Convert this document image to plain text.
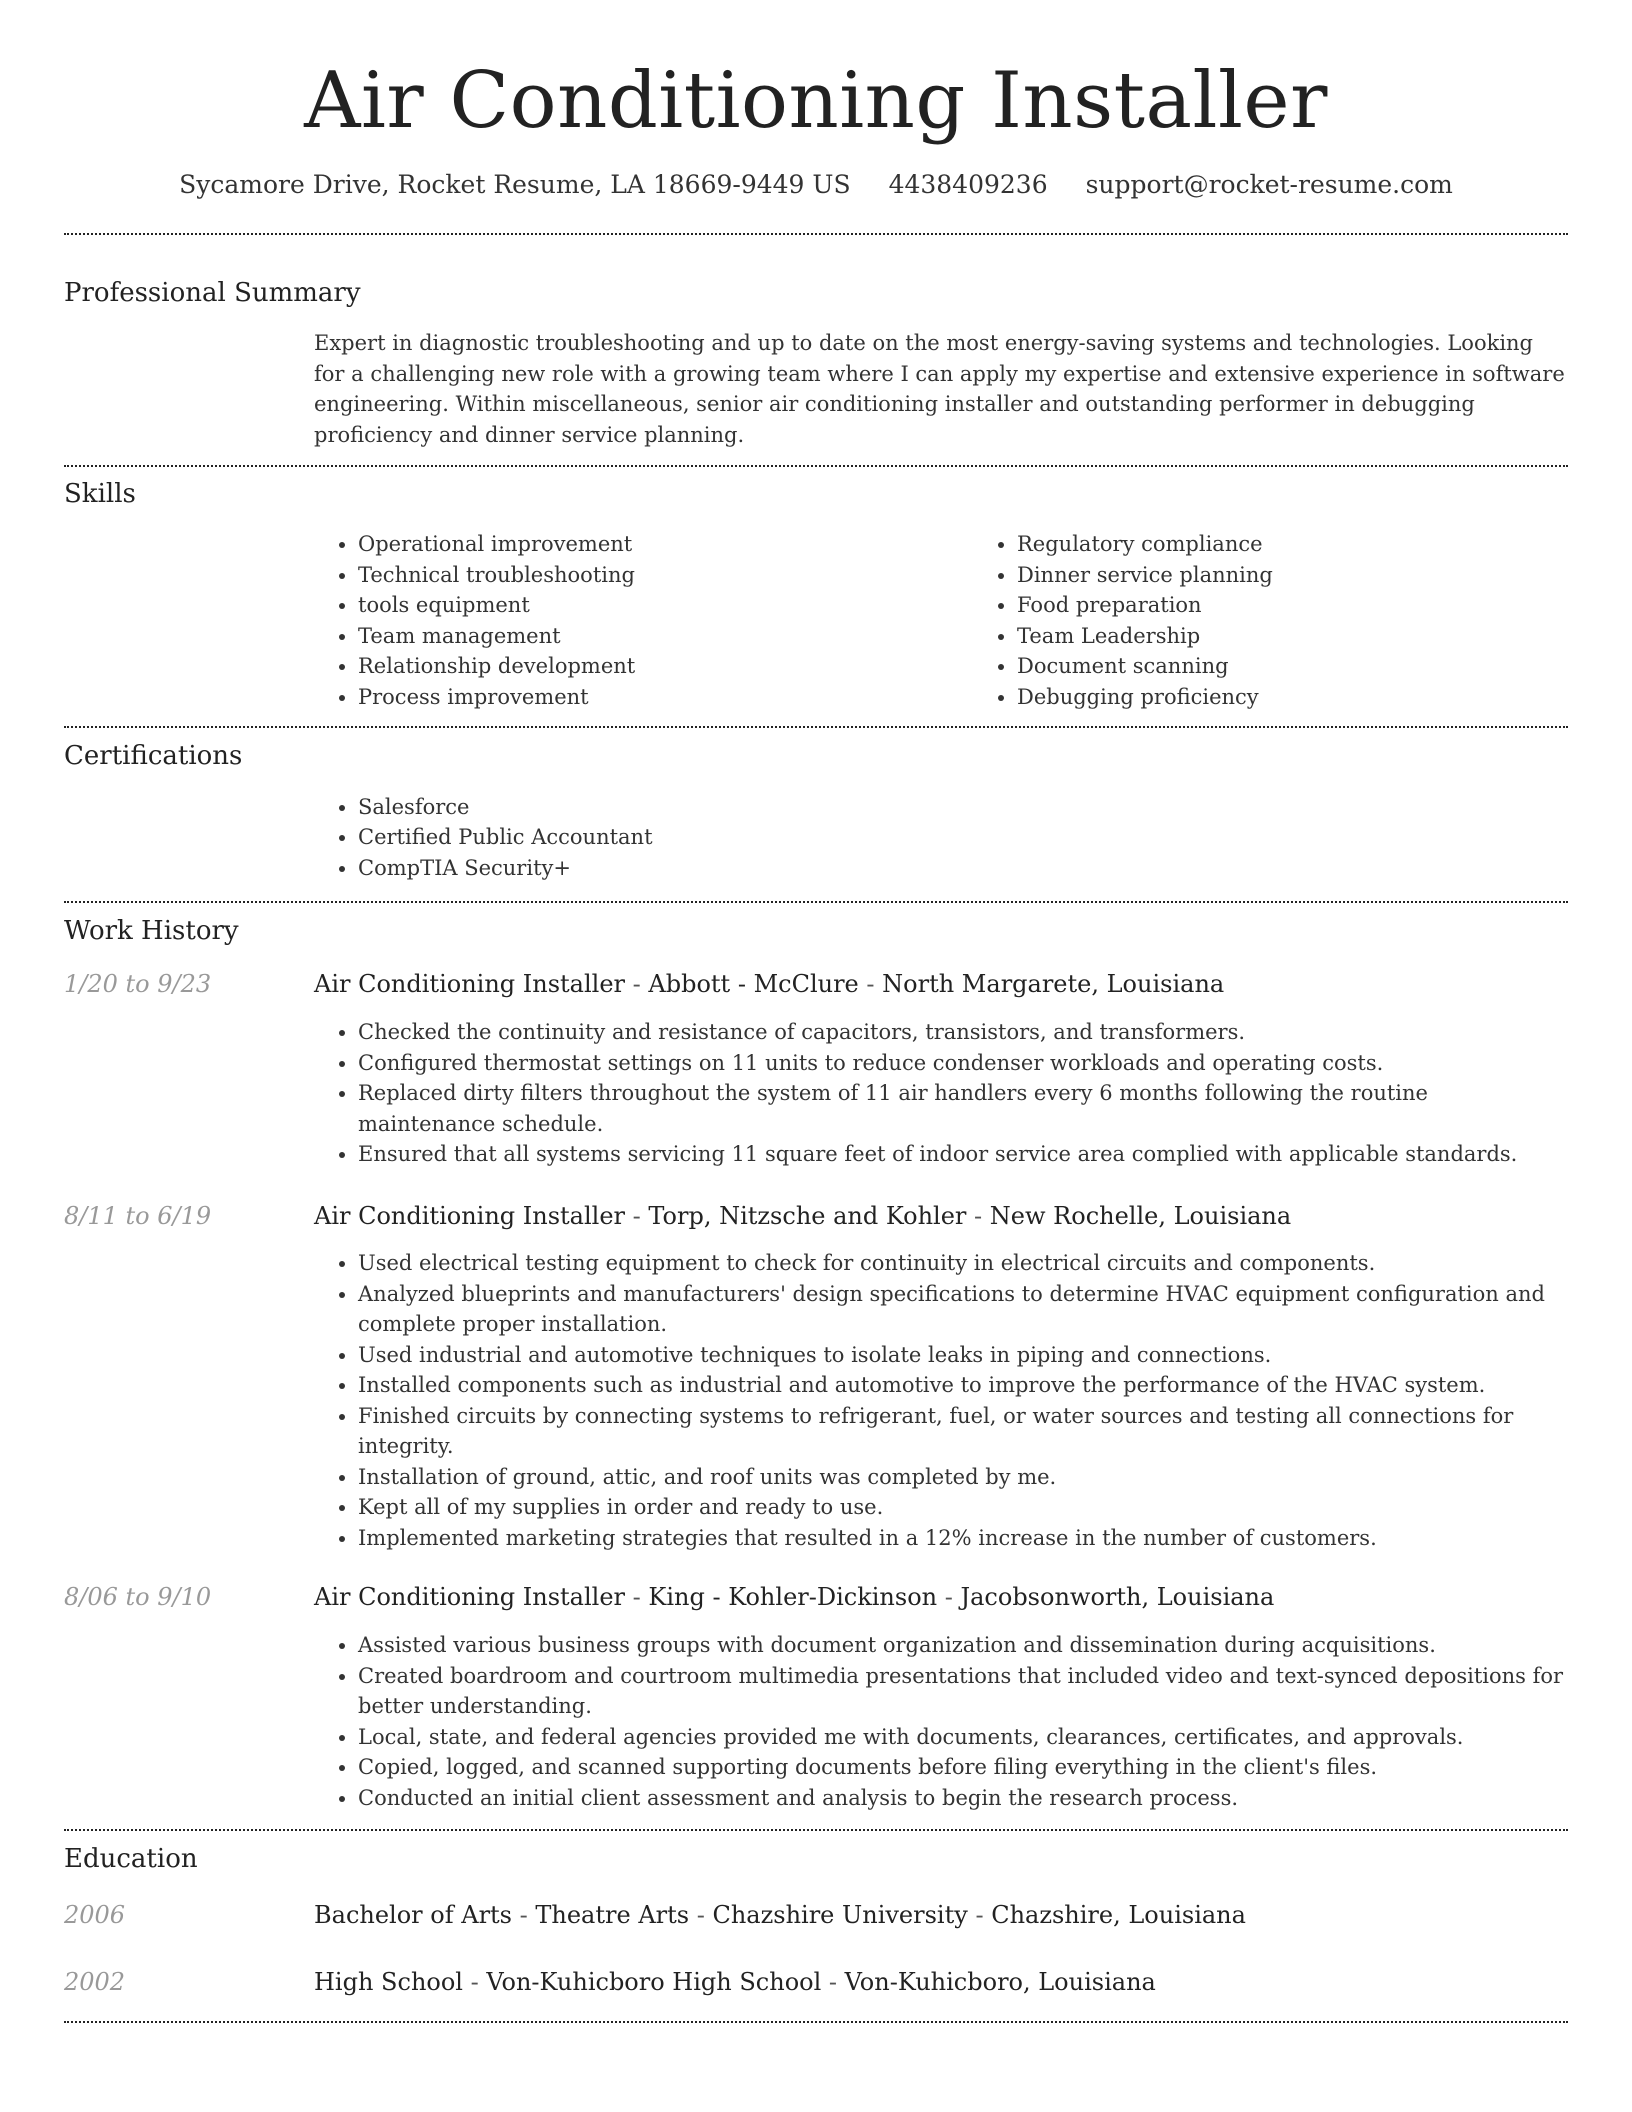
Air Conditioning Installer
Sycamore Drive, Rocket Resume, LA 18669-9449 US 4438409236 support@rocket-resume.com
Professional Summary

Expert in diagnostic troubleshooting and up to date on the most energy-saving systems and technologies. Looking for a challenging new role with a growing team where I can apply my expertise and extensive experience in software engineering. Within miscellaneous, senior air conditioning installer and outstanding performer in debugging proficiency and dinner service planning.

Skills
• Operational improvement
• Technical troubleshooting
• tools equipment
• Team management
• Relationship development
• Process improvement
• Regulatory compliance
• Dinner service planning
• Food preparation
• Team Leadership
• Document scanning
• Debugging proficiency
Certifications
• Salesforce
• Certified Public Accountant
• CompTIA Security+
Work History
1/20 to 9/23	Air Conditioning Installer - Abbott - McClure - North Margarete, Louisiana
• Checked the continuity and resistance of capacitors, transistors, and transformers.
• Configured thermostat settings on 11 units to reduce condenser workloads and operating costs.
• Replaced dirty filters throughout the system of 11 air handlers every 6 months following the routine maintenance schedule.
• Ensured that all systems servicing 11 square feet of indoor service area complied with applicable standards.
8/11 to 6/19	Air Conditioning Installer - Torp, Nitzsche and Kohler - New Rochelle, Louisiana
• Used electrical testing equipment to check for continuity in electrical circuits and components.
• Analyzed blueprints and manufacturers' design specifications to determine HVAC equipment configuration and complete proper installation.
• Used industrial and automotive techniques to isolate leaks in piping and connections.
• Installed components such as industrial and automotive to improve the performance of the HVAC system.
• Finished circuits by connecting systems to refrigerant, fuel, or water sources and testing all connections for integrity.
• Installation of ground, attic, and roof units was completed by me.
• Kept all of my supplies in order and ready to use.
• Implemented marketing strategies that resulted in a 12% increase in the number of customers.
8/06 to 9/10	Air Conditioning Installer - King - Kohler-Dickinson - Jacobsonworth, Louisiana
• Assisted various business groups with document organization and dissemination during acquisitions.
• Created boardroom and courtroom multimedia presentations that included video and text-synced depositions for better understanding.
• Local, state, and federal agencies provided me with documents, clearances, certificates, and approvals.
• Copied, logged, and scanned supporting documents before filing everything in the client's files.
• Conducted an initial client assessment and analysis to begin the research process.
Education
2006	Bachelor of Arts - Theatre Arts - Chazshire University - Chazshire, Louisiana
2002	High School - Von-Kuhicboro High School - Von-Kuhicboro, Louisiana
